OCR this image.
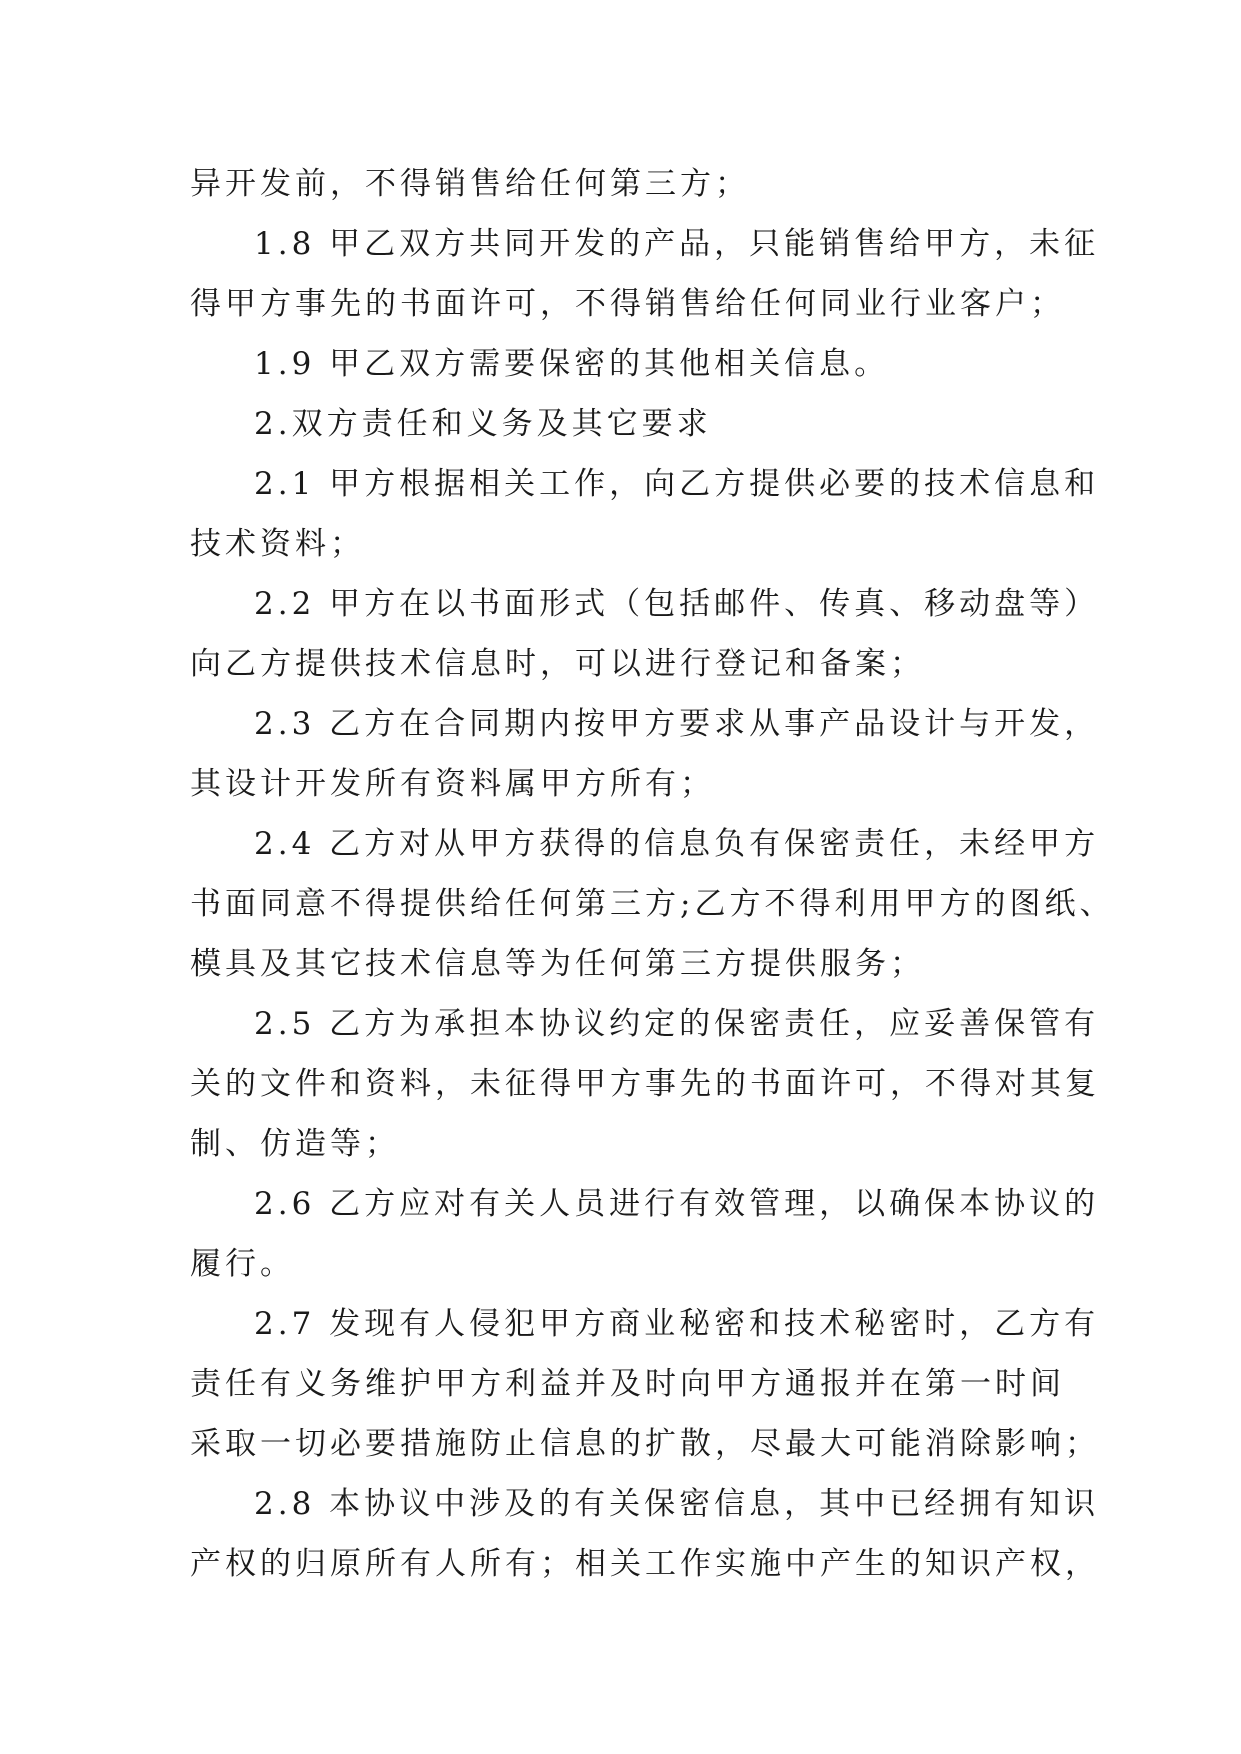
异开发前，不得销售给任何第三方；
1.8 甲乙双方共同开发的产品，只能销售给甲方，未征
得甲方事先的书面许可，不得销售给任何同业行业客户；
1.9 甲乙双方需要保密的其他相关信息。
2.双方责任和义务及其它要求
2.1 甲方根据相关工作，向乙方提供必要的技术信息和
技术资料；
2.2 甲方在以书面形式（包括邮件、传真、移动盘等）
向乙方提供技术信息时，可以进行登记和备案；
2.3 乙方在合同期内按甲方要求从事产品设计与开发，
其设计开发所有资料属甲方所有；
2.4 乙方对从甲方获得的信息负有保密责任，未经甲方
书面同意不得提供给任何第三方;乙方不得利用甲方的图纸、
模具及其它技术信息等为任何第三方提供服务；
2.5 乙方为承担本协议约定的保密责任，应妥善保管有
关的文件和资料，未征得甲方事先的书面许可，不得对其复
制、仿造等；
2.6 乙方应对有关人员进行有效管理，以确保本协议的
履行。
2.7 发现有人侵犯甲方商业秘密和技术秘密时，乙方有
责任有义务维护甲方利益并及时向甲方通报并在第一时间
采取一切必要措施防止信息的扩散，尽最大可能消除影响；
2.8 本协议中涉及的有关保密信息，其中已经拥有知识
产权的归原所有人所有；相关工作实施中产生的知识产权，
